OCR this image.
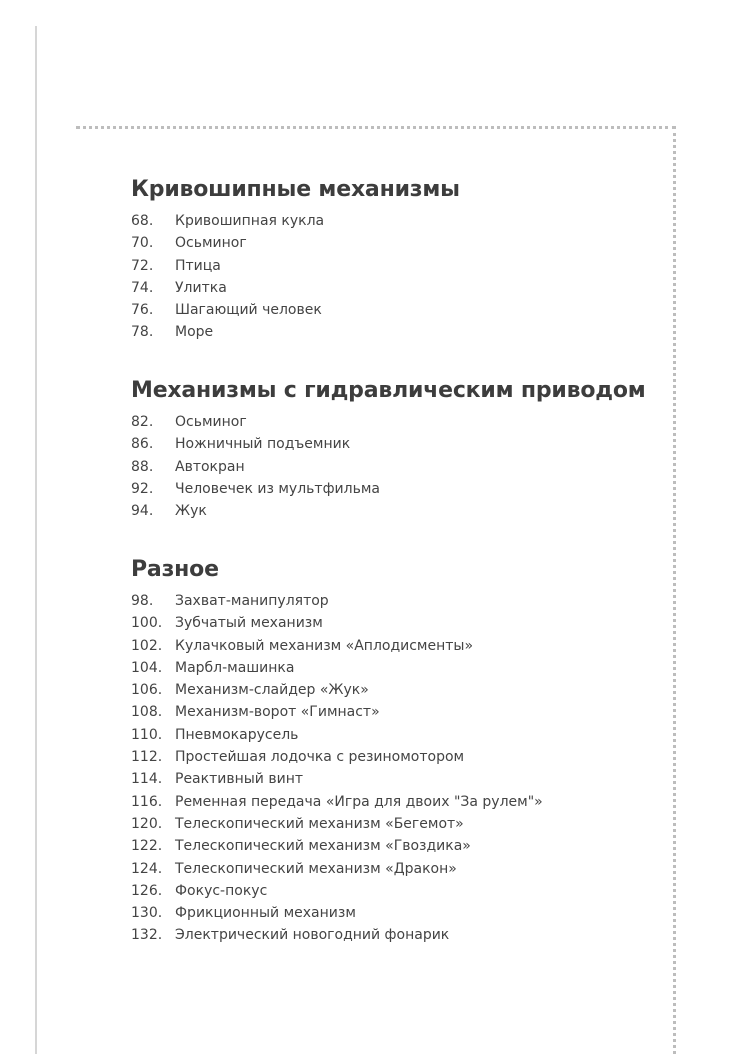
Кривошипные механизмы
68. Кривошипная кукла
70. Осьминог
72. Птица
74. Улитка
76. Шагающий человек
78. Море
Механизмы с гидравлическим приводом
82. Осьминог
86. Ножничный подъемник
88. Автокран
92. Человечек из мультфильма
94. Жук
Разное
98. Захват-манипулятор
100. Зубчатый механизм
102. Кулачковый механизм «Аплодисменты»
104. Марбл-машинка
106. Механизм-слайдер «Жук»
108. Механизм-ворот «Гимнаст»
110. Пневмокарусель
112. Простейшая лодочка с резиномотором
114. Реактивный винт
116. Ременная передача «Игра для двоих "За рулем"»
120. Телескопический механизм «Бегемот»
122. Телескопический механизм «Гвоздика»
124. Телескопический механизм «Дракон»
126. Фокус-покус
130. Фрикционный механизм
132. Электрический новогодний фонарик
